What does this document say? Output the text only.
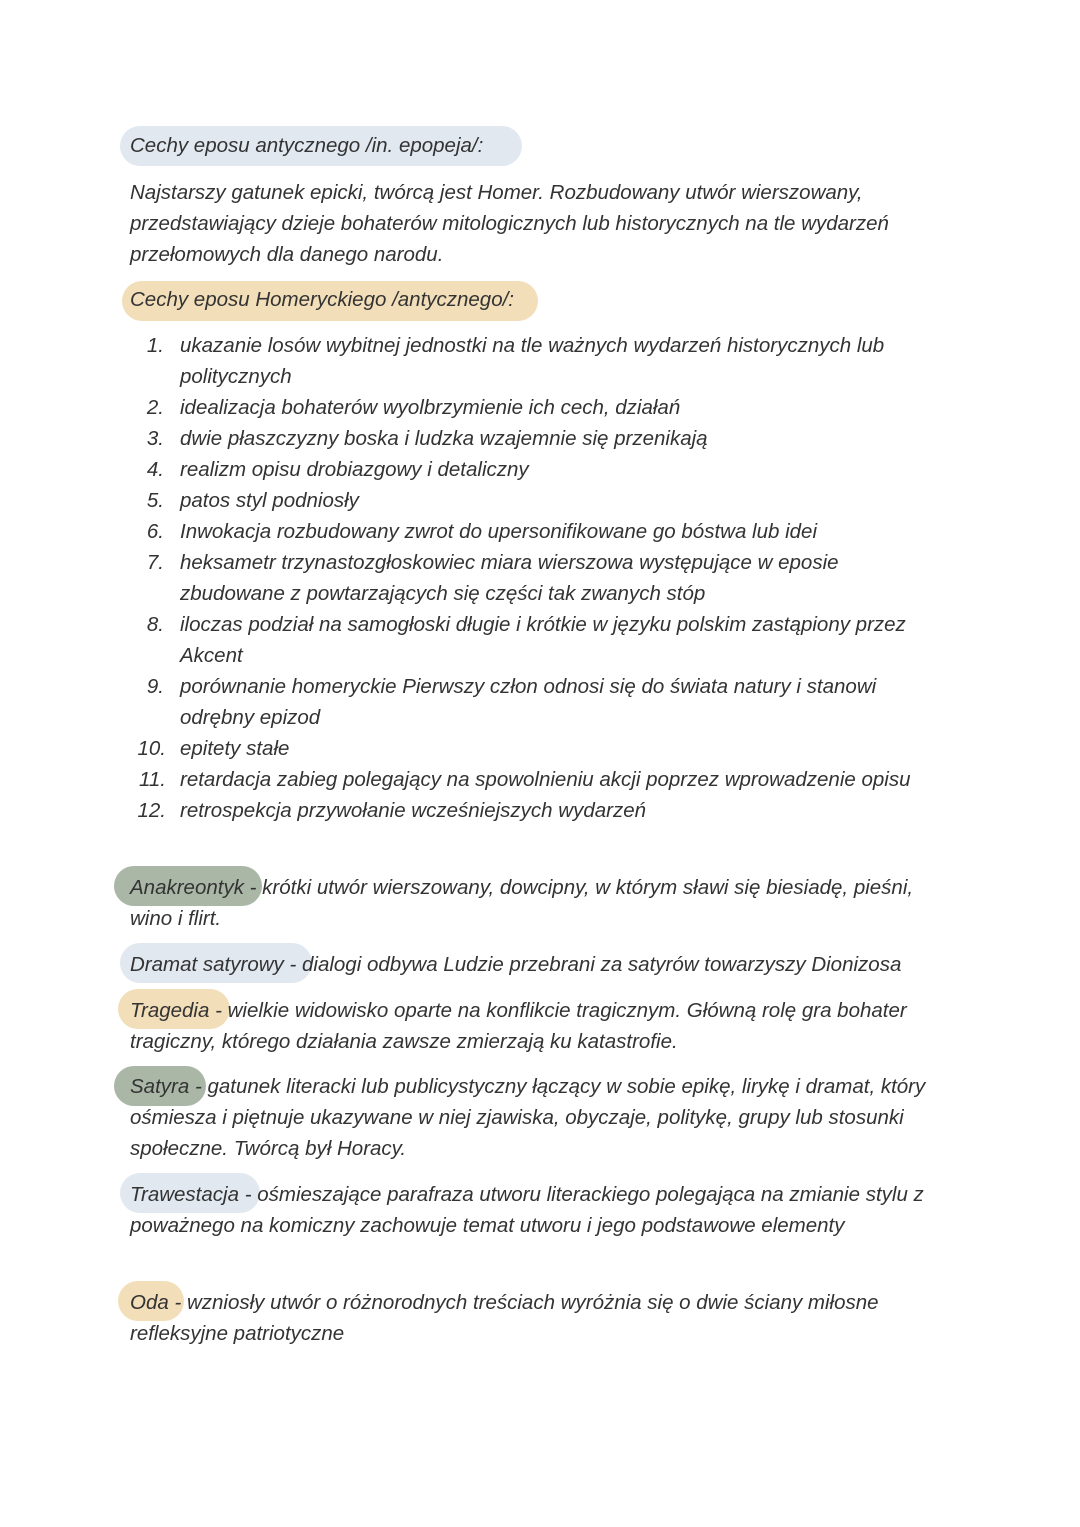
Cechy eposu antycznego /in. epopeja/:
Najstarszy gatunek epicki, twórcą jest Homer. Rozbudowany utwór wierszowany, przedstawiający dzieje bohaterów mitologicznych lub historycznych na tle wydarzeń przełomowych dla danego narodu.
Cechy eposu Homeryckiego /antycznego/:
1. ukazanie losów wybitnej jednostki na tle ważnych wydarzeń historycznych lub politycznych
2. idealizacja bohaterów wyolbrzymienie ich cech, działań
3. dwie płaszczyzny boska i ludzka wzajemnie się przenikają
4. realizm opisu drobiazgowy i detaliczny
5. patos styl podniosły
6. Inwokacja rozbudowany zwrot do upersonifikowane go bóstwa lub idei
7. heksametr trzynastozgłoskowiec miara wierszowa występujące w eposie zbudowane z powtarzających się części tak zwanych stóp
8. iloczas podział na samogłoski długie i krótkie w języku polskim zastąpiony przez Akcent
9. porównanie homeryckie Pierwszy człon odnosi się do świata natury i stanowi odrębny epizod
10. epitety stałe
11. retardacja zabieg polegający na spowolnieniu akcji poprzez wprowadzenie opisu
12. retrospekcja przywołanie wcześniejszych wydarzeń
Anakreontyk - krótki utwór wierszowany, dowcipny, w którym sławi się biesiadę, pieśni, wino i flirt.
Dramat satyrowy - dialogi odbywa Ludzie przebrani za satyrów towarzyszy Dionizosa
Tragedia - wielkie widowisko oparte na konflikcie tragicznym. Główną rolę gra bohater tragiczny, którego działania zawsze zmierzają ku katastrofie.
Satyra - gatunek literacki lub publicystyczny łączący w sobie epikę, lirykę i dramat, który ośmiesza i piętnuje ukazywane w niej zjawiska, obyczaje, politykę, grupy lub stosunki społeczne. Twórcą był Horacy.
Trawestacja - ośmieszające parafraza utworu literackiego polegająca na zmianie stylu z poważnego na komiczny zachowuje temat utworu i jego podstawowe elementy
Oda - wzniosły utwór o różnorodnych treściach wyróżnia się o dwie ściany miłosne refleksyjne patriotyczne
